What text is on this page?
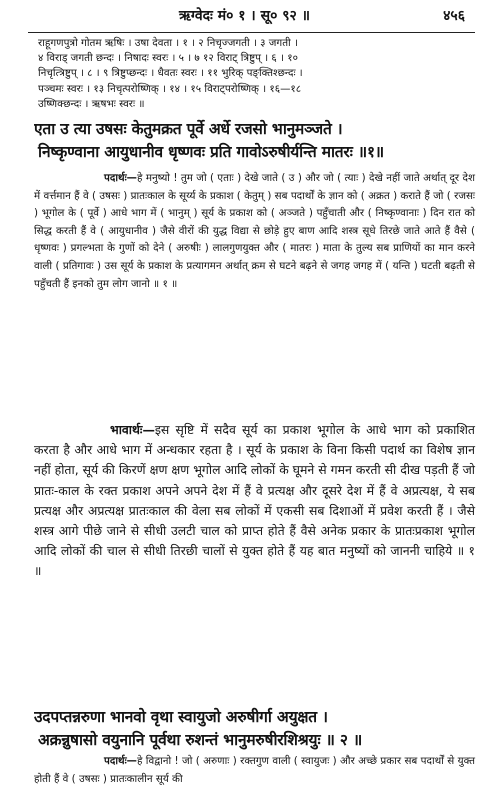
ऋग्वेदः मं० १ । सू० ९२ ॥	४५६
राहूगणपुत्रो गोतम ऋषिः । उषा देवता । १ । २ निचृज्जगती । ३ जगती ।
४ विराड् जगती छन्दः । निषादः स्वरः । ५ । ७ १२ विराट् त्रिष्टुप् । ६ । १०
निचृत्त्रिष्टुप् । ८ । ९ त्रिष्टुप्छन्दः । धैवतः स्वरः । ११ भुरिक् पङ्क्तिश्छन्दः ।
पञ्चमः स्वरः । १३ निचृत्परोष्णिक् । १४ । १५ विराट्परोष्णिक् । १६—१८
उष्णिक्छन्दः । ऋषभः स्वरः ॥
एता उ त्या उषसः केतुमक्रत पूर्वे अर्धे रजसो भानुमञ्जते ।
निष्कृण्वाना आयुधानीव धृष्णवः प्रति गावोऽरुषीर्यन्ति मातरः ॥१॥

पदार्थः—हे मनुष्यो ! तुम जो ( एताः ) देखे जाते ( उ ) और जो ( त्याः ) देखे नहीं जाते अर्थात् दूर देश में वर्त्तमान हैं वे ( उषसः ) प्रातःकाल के सूर्य्य के प्रकाश ( केतुम् ) सब पदार्थों के ज्ञान को ( अक्रत ) कराते हैं जो ( रजसः ) भूगोल के ( पूर्वे ) आधे भाग में ( भानुम् ) सूर्य के प्रकाश को ( अञ्जते ) पहुँचाती और ( निष्कृण्वानाः ) दिन रात को सिद्ध करती हैं वे ( आयुधानीव ) जैसे वीरों की युद्ध विद्या से छोड़े हुए बाण आदि शस्त्र सूधे तिरछे जाते आते हैं वैसे ( धृष्णवः ) प्रगल्भता के गुणों को देने ( अरुषीः ) लालगुणयुक्त और ( मातरः ) माता के तुल्य सब प्राणियों का मान करने वाली ( प्रतिगावः ) उस सूर्य के प्रकाश के प्रत्यागमन अर्थात् क्रम से घटने बढ़ने से जगह जगह में ( यन्ति ) घटती बढ़ती से पहुँचती हैं इनको तुम लोग जानो ॥ १ ॥

भावार्थः—इस सृष्टि में सदैव सूर्य का प्रकाश भूगोल के आधे भाग को प्रकाशित करता है और आधे भाग में अन्धकार रहता है । सूर्य के प्रकाश के विना किसी पदार्थ का विशेष ज्ञान नहीं होता, सूर्य की किरणें क्षण क्षण भूगोल आदि लोकों के घूमने से गमन करती सी दीख पड़ती हैं जो प्रातः-काल के रक्त प्रकाश अपने अपने देश में हैं वे प्रत्यक्ष और दूसरे देश में हैं वे अप्रत्यक्ष, ये सब प्रत्यक्ष और अप्रत्यक्ष प्रातःकाल की वेला सब लोकों में एकसी सब दिशाओं में प्रवेश करती हैं । जैसे शस्त्र आगे पीछे जाने से सीधी उलटी चाल को प्राप्त होते हैं वैसे अनेक प्रकार के प्रातःप्रकाश भूगोल आदि लोकों की चाल से सीधी तिरछी चालों से युक्त होते हैं यह बात मनुष्यों को जाननी चाहिये ॥ १ ॥

उदपप्तन्नरुणा भानवो वृथा स्वायुजो अरुषीर्गा अयुक्षत ।
अक्रन्नुषासो वयुनानि पूर्वथा रुशन्तं भानुमरुषीरशिश्रयुः ॥ २ ॥

पदार्थः—हे विद्वानो ! जो ( अरुणाः ) रक्तगुण वाली ( स्वायुजः ) और अच्छे प्रकार सब पदार्थों से युक्त होती हैं वे ( उषसः ) प्रातःकालीन सूर्य की
